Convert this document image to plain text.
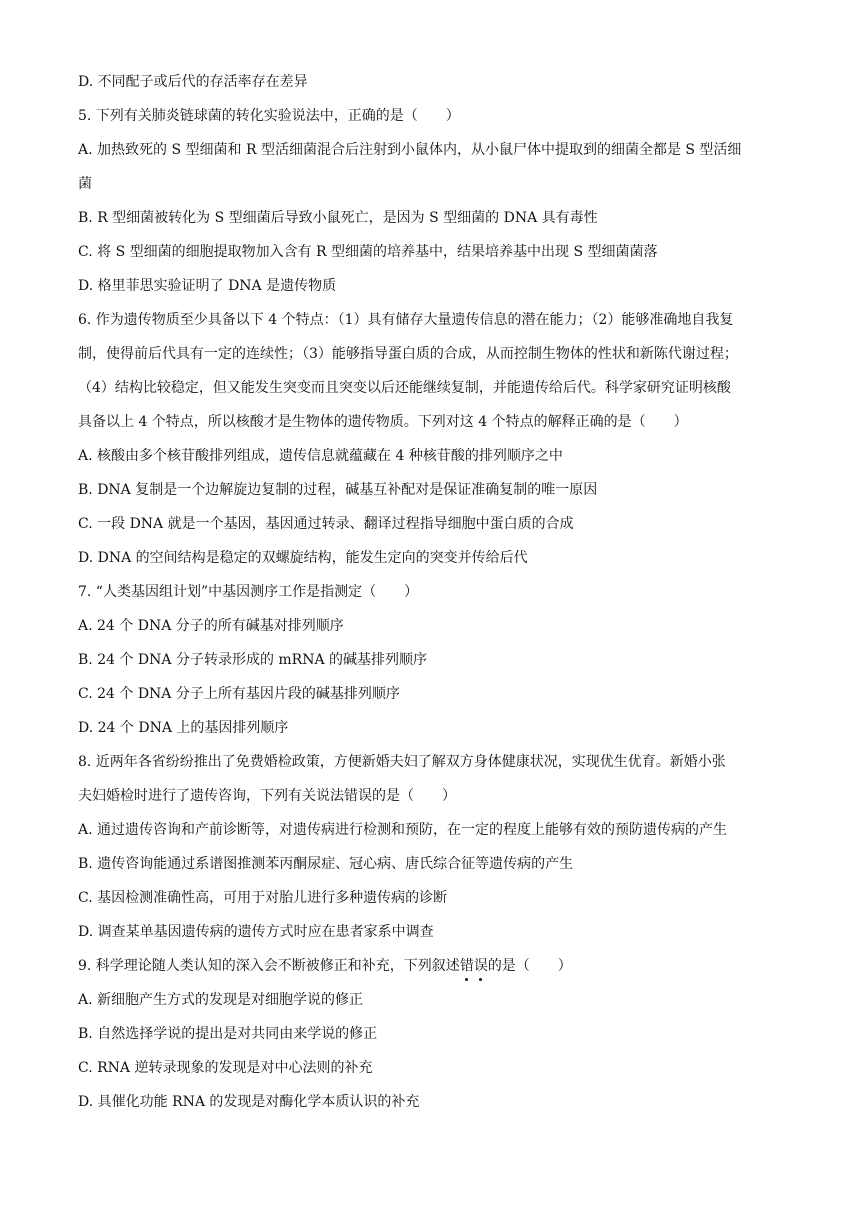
D. 不同配子或后代的存活率存在差异
5. 下列有关肺炎链球菌的转化实验说法中，正确的是（　　）
A. 加热致死的 S 型细菌和 R 型活细菌混合后注射到小鼠体内，从小鼠尸体中提取到的细菌全都是 S 型活细
菌
B. R 型细菌被转化为 S 型细菌后导致小鼠死亡，是因为 S 型细菌的 DNA 具有毒性
C. 将 S 型细菌的细胞提取物加入含有 R 型细菌的培养基中，结果培养基中出现 S 型细菌菌落
D. 格里菲思实验证明了 DNA 是遗传物质
6. 作为遗传物质至少具备以下 4 个特点：（1）具有储存大量遗传信息的潜在能力；（2）能够准确地自我复
制，使得前后代具有一定的连续性；（3）能够指导蛋白质的合成，从而控制生物体的性状和新陈代谢过程；
（4）结构比较稳定，但又能发生突变而且突变以后还能继续复制，并能遗传给后代。科学家研究证明核酸
具备以上 4 个特点，所以核酸才是生物体的遗传物质。下列对这 4 个特点的解释正确的是（　　）
A. 核酸由多个核苷酸排列组成，遗传信息就蕴藏在 4 种核苷酸的排列顺序之中
B. DNA 复制是一个边解旋边复制的过程，碱基互补配对是保证准确复制的唯一原因
C. 一段 DNA 就是一个基因，基因通过转录、翻译过程指导细胞中蛋白质的合成
D. DNA 的空间结构是稳定的双螺旋结构，能发生定向的突变并传给后代
7. “人类基因组计划”中基因测序工作是指测定（　　）
A. 24 个 DNA 分子的所有碱基对排列顺序
B. 24 个 DNA 分子转录形成的 mRNA 的碱基排列顺序
C. 24 个 DNA 分子上所有基因片段的碱基排列顺序
D. 24 个 DNA 上的基因排列顺序
8. 近两年各省纷纷推出了免费婚检政策，方便新婚夫妇了解双方身体健康状况，实现优生优育。新婚小张
夫妇婚检时进行了遗传咨询，下列有关说法错误的是（　　）
A. 通过遗传咨询和产前诊断等，对遗传病进行检测和预防，在一定的程度上能够有效的预防遗传病的产生
B. 遗传咨询能通过系谱图推测苯丙酮尿症、冠心病、唐氏综合征等遗传病的产生
C. 基因检测准确性高，可用于对胎儿进行多种遗传病的诊断
D. 调查某单基因遗传病的遗传方式时应在患者家系中调查
9. 科学理论随人类认知的深入会不断被修正和补充，下列叙述错误的是（　　）
A. 新细胞产生方式的发现是对细胞学说的修正
B. 自然选择学说的提出是对共同由来学说的修正
C. RNA 逆转录现象的发现是对中心法则的补充
D. 具催化功能 RNA 的发现是对酶化学本质认识的补充
